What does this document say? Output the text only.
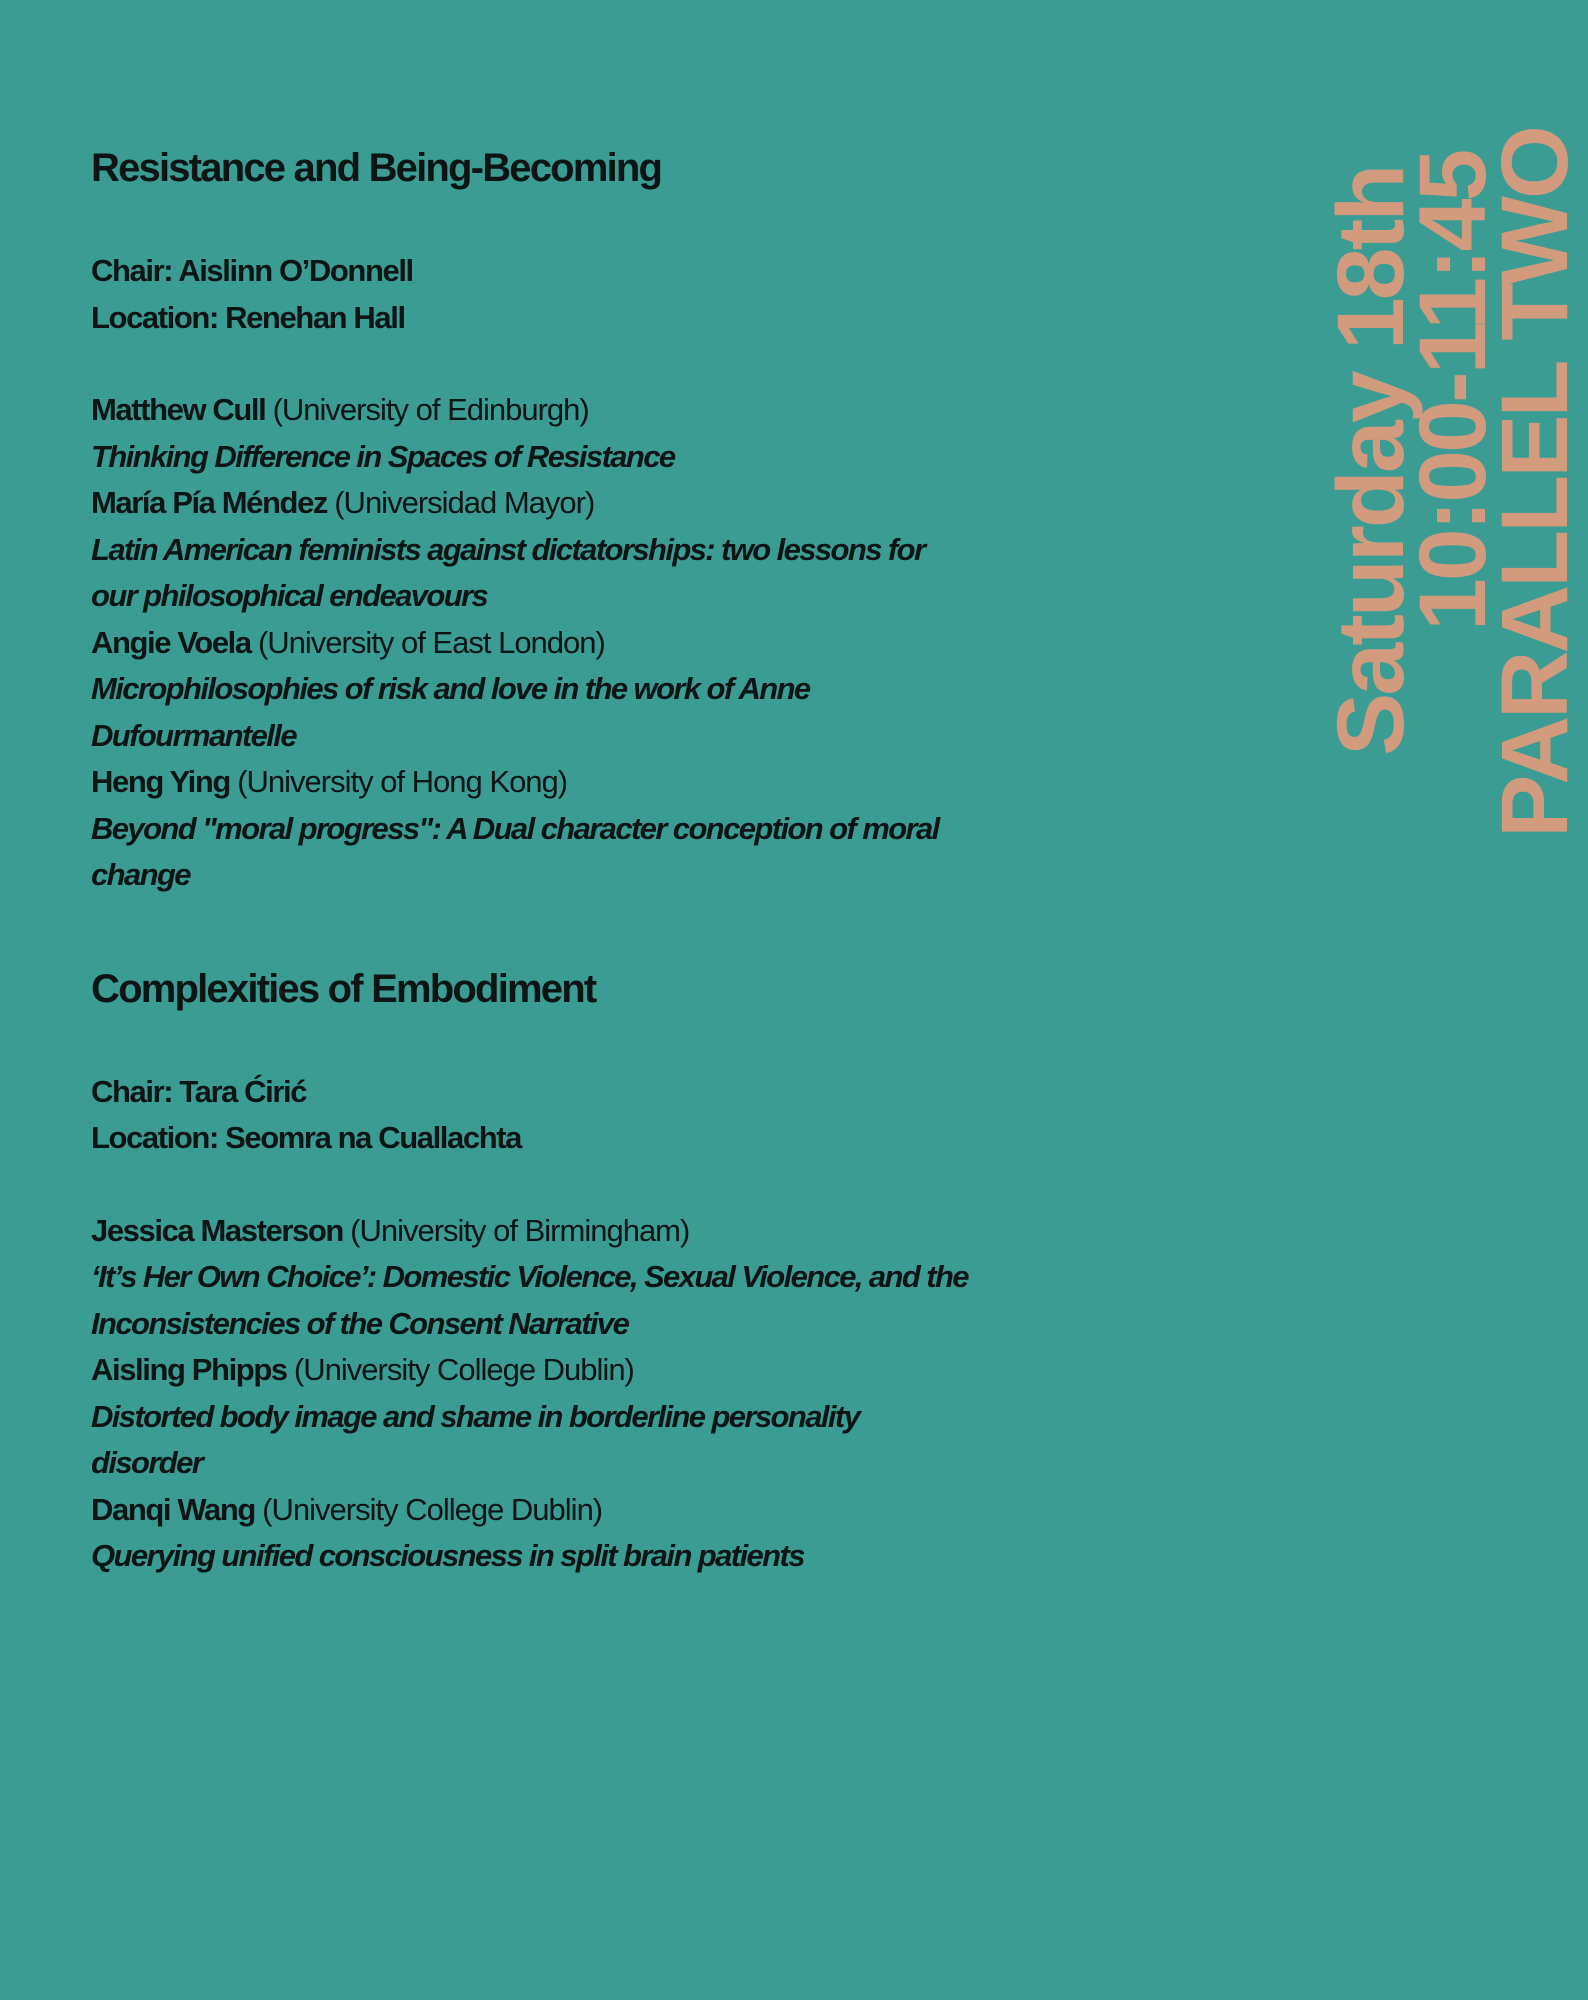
Resistance and Being-Becoming
Chair: Aislinn O’Donnell
Location: Renehan Hall
Matthew Cull (University of Edinburgh)
Thinking Difference in Spaces of Resistance
María Pía Méndez (Universidad Mayor)
Latin American feminists against dictatorships: two lessons for our philosophical endeavours
Angie Voela (University of East London)
Microphilosophies of risk and love in the work of Anne Dufourmantelle
Heng Ying (University of Hong Kong)
Beyond "moral progress": A Dual character conception of moral change
Complexities of Embodiment
Chair: Tara Ćirić
Location: Seomra na Cuallachta
Jessica Masterson (University of Birmingham)
‘It’s Her Own Choice’: Domestic Violence, Sexual Violence, and the Inconsistencies of the Consent Narrative
Aisling Phipps (University College Dublin)
Distorted body image and shame in borderline personality disorder
Danqi Wang (University College Dublin)
Querying unified consciousness in split brain patients
Saturday 18th
10:00-11:45
PARALLEL TWO
